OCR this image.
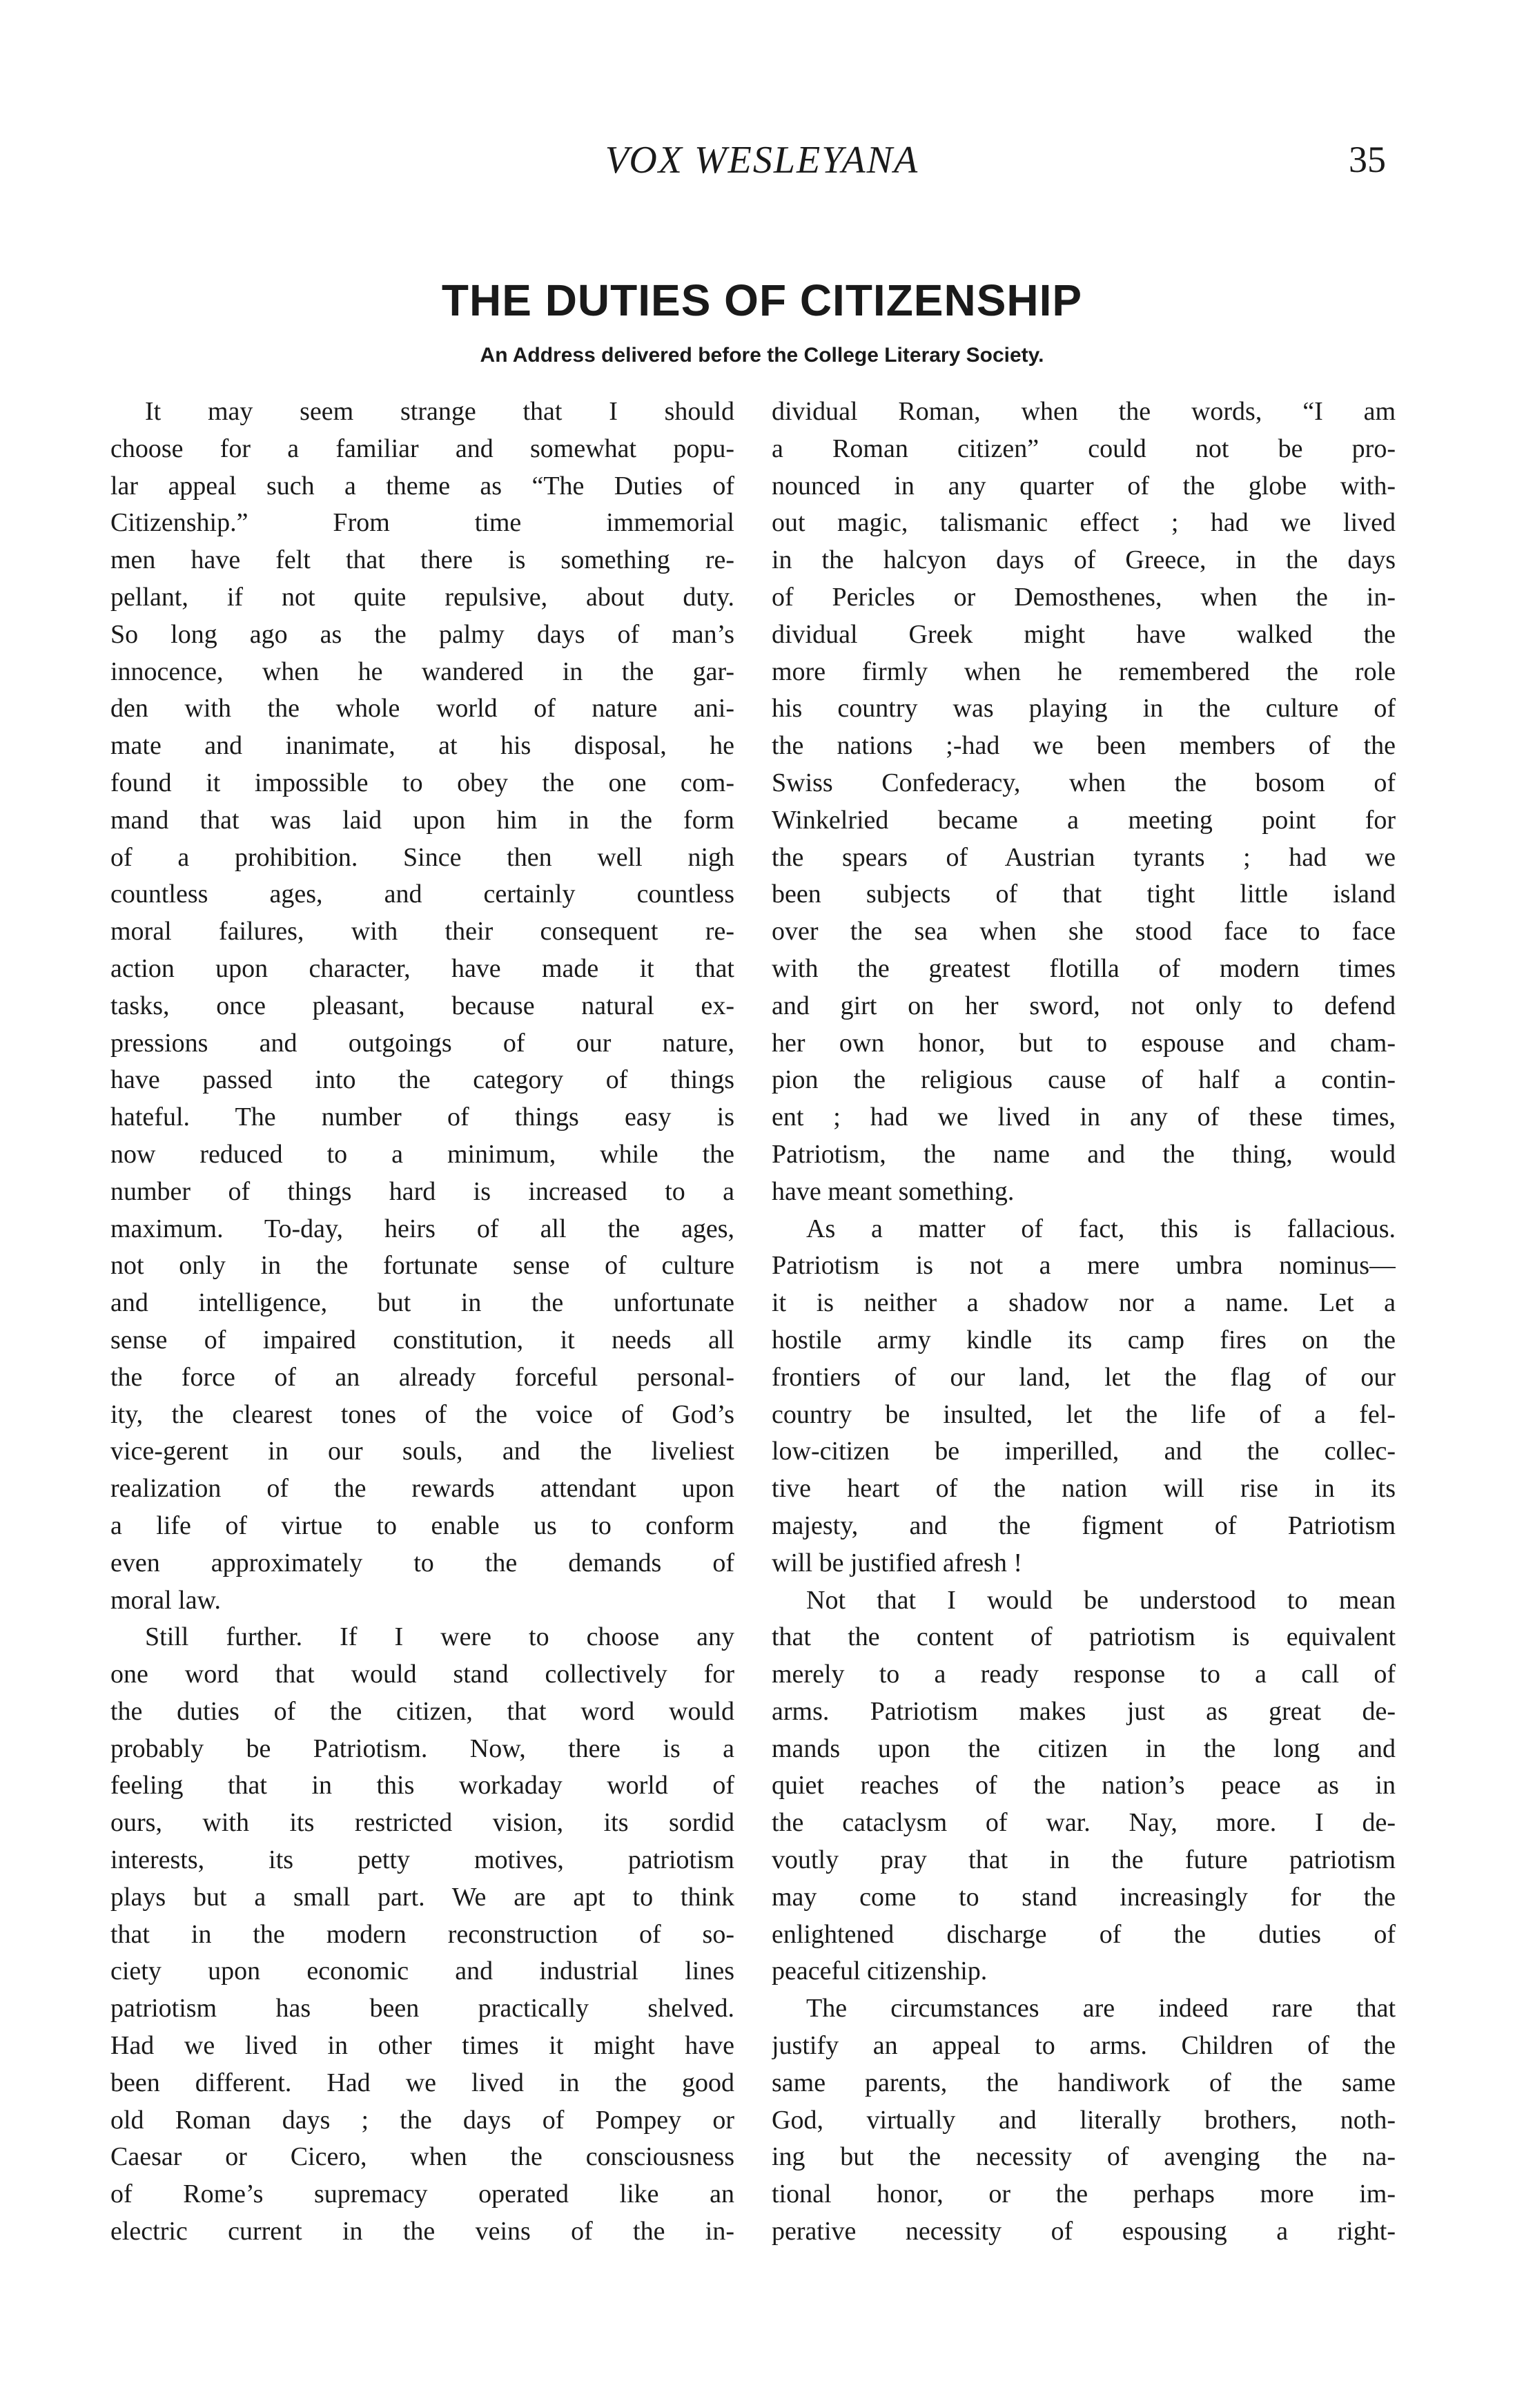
VOX WESLEYANA	35
THE DUTIES OF CITIZENSHIP
An Address delivered before the College Literary Society.
It may seem strange that I should
choose for a familiar and somewhat popu-
lar appeal such a theme as “The Duties of
Citizenship.” From time immemorial
men have felt that there is something re-
pellant, if not quite repulsive, about duty.
So long ago as the palmy days of man’s
innocence, when he wandered in the gar-
den with the whole world of nature ani-
mate and inanimate, at his disposal, he
found it impossible to obey the one com-
mand that was laid upon him in the form
of a prohibition. Since then well nigh
countless ages, and certainly countless
moral failures, with their consequent re-
action upon character, have made it that
tasks, once pleasant, because natural ex-
pressions and outgoings of our nature,
have passed into the category of things
hateful. The number of things easy is
now reduced to a minimum, while the
number of things hard is increased to a
maximum. To-day, heirs of all the ages,
not only in the fortunate sense of culture
and intelligence, but in the unfortunate
sense of impaired constitution, it needs all
the force of an already forceful personal-
ity, the clearest tones of the voice of God’s
vice-gerent in our souls, and the liveliest
realization of the rewards attendant upon
a life of virtue to enable us to conform
even approximately to the demands of
moral law.
Still further. If I were to choose any
one word that would stand collectively for
the duties of the citizen, that word would
probably be Patriotism. Now, there is a
feeling that in this workaday world of
ours, with its restricted vision, its sordid
interests, its petty motives, patriotism
plays but a small part. We are apt to think
that in the modern reconstruction of so-
ciety upon economic and industrial lines
patriotism has been practically shelved.
Had we lived in other times it might have
been different. Had we lived in the good
old Roman days ; the days of Pompey or
Caesar or Cicero, when the consciousness
of Rome’s supremacy operated like an
electric current in the veins of the in-
dividual Roman, when the words, “I am
a Roman citizen” could not be pro-
nounced in any quarter of the globe with-
out magic, talismanic effect ; had we lived
in the halcyon days of Greece, in the days
of Pericles or Demosthenes, when the in-
dividual Greek might have walked the
more firmly when he remembered the role
his country was playing in the culture of
the nations ;-had we been members of the
Swiss Confederacy, when the bosom of
Winkelried became a meeting point for
the spears of Austrian tyrants ; had we
been subjects of that tight little island
over the sea when she stood face to face
with the greatest flotilla of modern times
and girt on her sword, not only to defend
her own honor, but to espouse and cham-
pion the religious cause of half a contin-
ent ; had we lived in any of these times,
Patriotism, the name and the thing, would
have meant something.
As a matter of fact, this is fallacious.
Patriotism is not a mere umbra nominus—
it is neither a shadow nor a name. Let a
hostile army kindle its camp fires on the
frontiers of our land, let the flag of our
country be insulted, let the life of a fel-
low-citizen be imperilled, and the collec-
tive heart of the nation will rise in its
majesty, and the figment of Patriotism
will be justified afresh !
Not that I would be understood to mean
that the content of patriotism is equivalent
merely to a ready response to a call of
arms. Patriotism makes just as great de-
mands upon the citizen in the long and
quiet reaches of the nation’s peace as in
the cataclysm of war. Nay, more. I de-
voutly pray that in the future patriotism
may come to stand increasingly for the
enlightened discharge of the duties of
peaceful citizenship.
The circumstances are indeed rare that
justify an appeal to arms. Children of the
same parents, the handiwork of the same
God, virtually and literally brothers, noth-
ing but the necessity of avenging the na-
tional honor, or the perhaps more im-
perative necessity of espousing a right-
